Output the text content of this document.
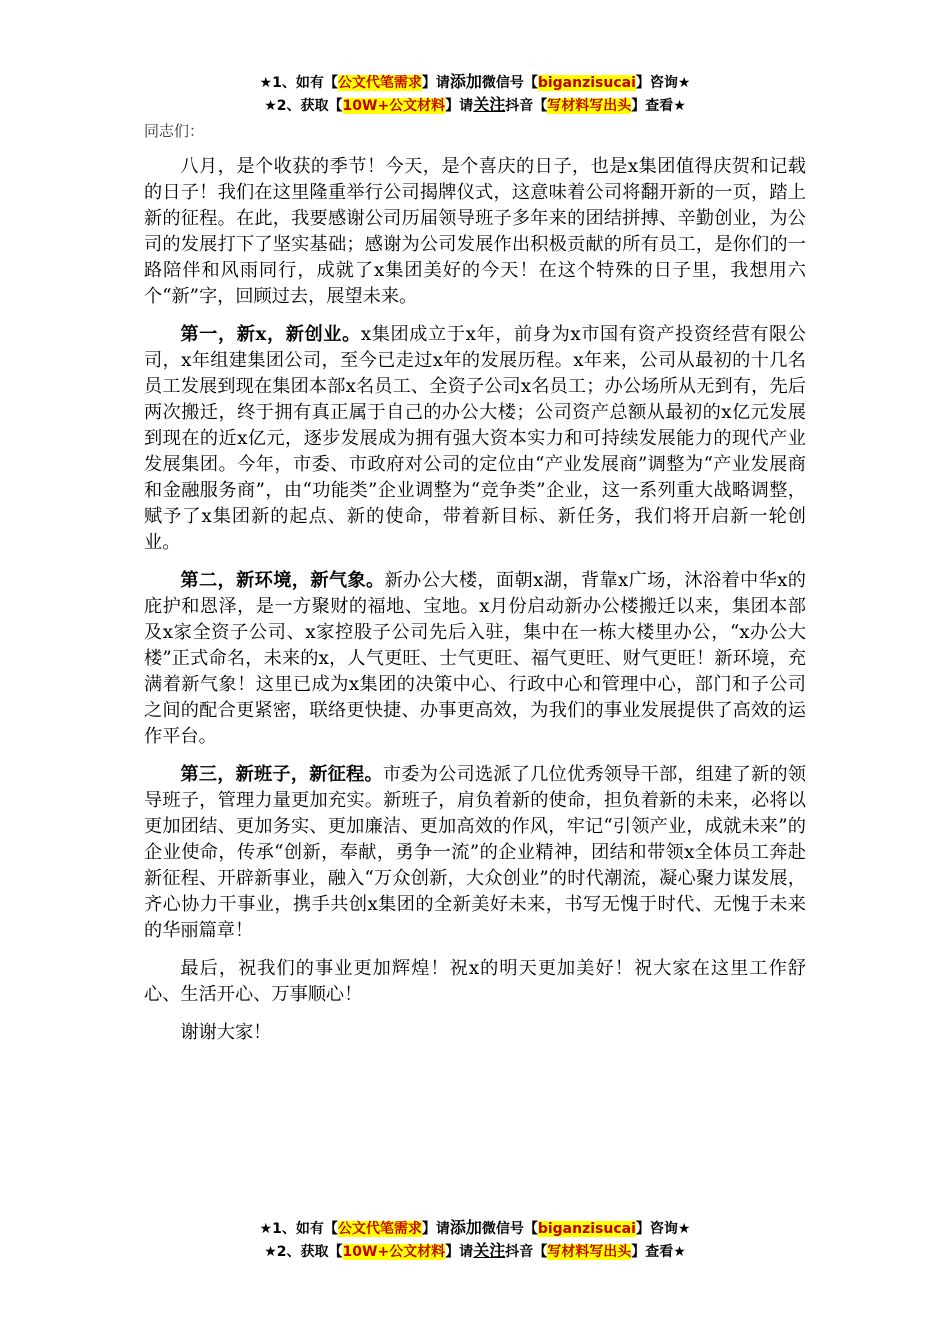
★1、如有【公文代笔需求】请添加微信号【biganzisucai】咨询★
★2、获取【10W+公文材料】请关注抖音【写材料写出头】查看★

同志们：

八月，是个收获的季节！今天，是个喜庆的日子，也是x集团值得庆贺和记载的日子！我们在这里隆重举行公司揭牌仪式，这意味着公司将翻开新的一页，踏上新的征程。在此，我要感谢公司历届领导班子多年来的团结拼搏、辛勤创业，为公司的发展打下了坚实基础；感谢为公司发展作出积极贡献的所有员工，是你们的一路陪伴和风雨同行，成就了x集团美好的今天！在这个特殊的日子里，我想用六个“新”字，回顾过去，展望未来。

第一，新x，新创业。x集团成立于x年，前身为x市国有资产投资经营有限公司，x年组建集团公司，至今已走过x年的发展历程。x年来，公司从最初的十几名员工发展到现在集团本部x名员工、全资子公司x名员工；办公场所从无到有，先后两次搬迁，终于拥有真正属于自己的办公大楼；公司资产总额从最初的x亿元发展到现在的近x亿元，逐步发展成为拥有强大资本实力和可持续发展能力的现代产业发展集团。今年，市委、市政府对公司的定位由“产业发展商”调整为“产业发展商和金融服务商”，由“功能类”企业调整为“竞争类”企业，这一系列重大战略调整，赋予了x集团新的起点、新的使命，带着新目标、新任务，我们将开启新一轮创业。

第二，新环境，新气象。新办公大楼，面朝x湖，背靠x广场，沐浴着中华x的庇护和恩泽，是一方聚财的福地、宝地。x月份启动新办公楼搬迁以来，集团本部及x家全资子公司、x家控股子公司先后入驻，集中在一栋大楼里办公，“x办公大楼”正式命名，未来的x，人气更旺、士气更旺、福气更旺、财气更旺！新环境，充满着新气象！这里已成为x集团的决策中心、行政中心和管理中心，部门和子公司之间的配合更紧密，联络更快捷、办事更高效，为我们的事业发展提供了高效的运作平台。

第三，新班子，新征程。市委为公司选派了几位优秀领导干部，组建了新的领导班子，管理力量更加充实。新班子，肩负着新的使命，担负着新的未来，必将以更加团结、更加务实、更加廉洁、更加高效的作风，牢记“引领产业，成就未来”的企业使命，传承“创新，奉献，勇争一流”的企业精神，团结和带领x全体员工奔赴新征程、开辟新事业，融入“万众创新，大众创业”的时代潮流，凝心聚力谋发展，齐心协力干事业，携手共创x集团的全新美好未来，书写无愧于时代、无愧于未来的华丽篇章！

最后，祝我们的事业更加辉煌！祝x的明天更加美好！祝大家在这里工作舒心、生活开心、万事顺心！

谢谢大家！

★1、如有【公文代笔需求】请添加微信号【biganzisucai】咨询★
★2、获取【10W+公文材料】请关注抖音【写材料写出头】查看★
